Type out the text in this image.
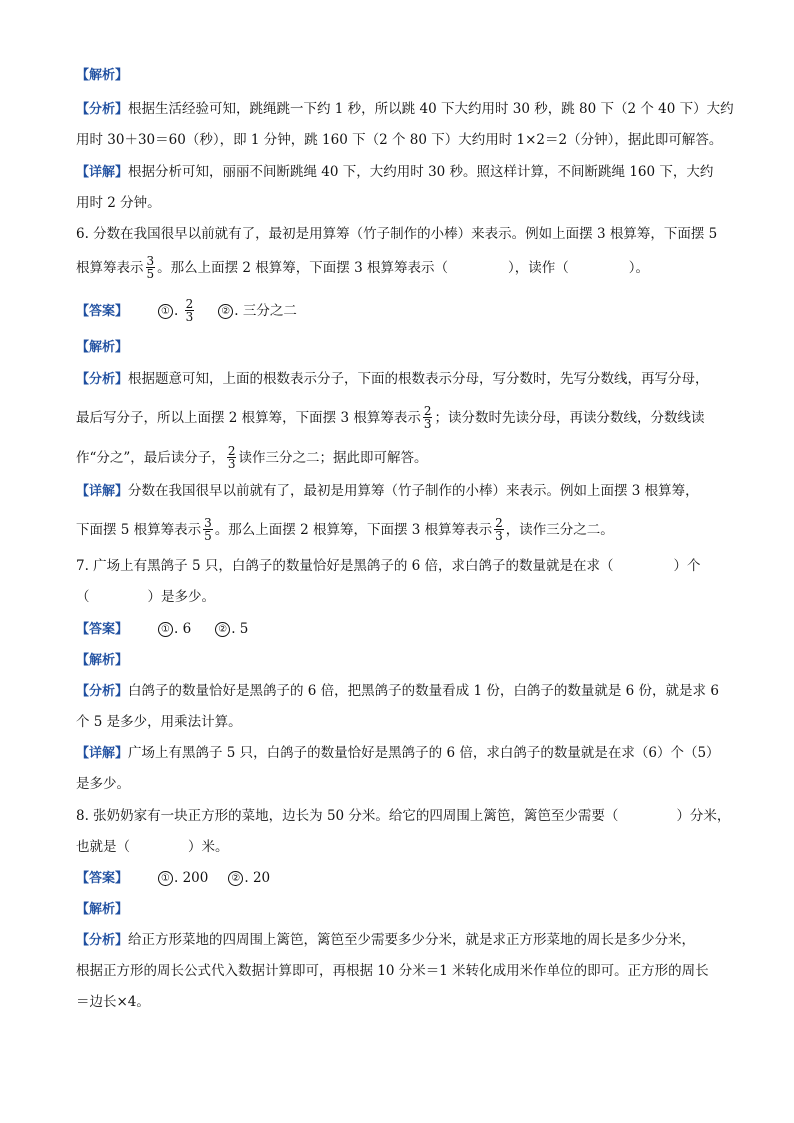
【解析】
【分析】根据生活经验可知，跳绳跳一下约 1 秒，所以跳 40 下大约用时 30 秒，跳 80 下（2 个 40 下）大约
用时 30＋30＝60（秒），即 1 分钟，跳 160 下（2 个 80 下）大约用时 1×2＝2（分钟），据此即可解答。
【详解】根据分析可知，丽丽不间断跳绳 40 下，大约用时 30 秒。照这样计算，不间断跳绳 160 下，大约
用时 2 分钟。
6. 分数在我国很早以前就有了，最初是用算筹（竹子制作的小棒）来表示。例如上面摆 3 根算筹，下面摆 5
根算筹表示 $\frac{3}{5}$ 。那么上面摆 2 根算筹，下面摆 3 根算筹表示（	），读作（	）。
【答案】	① . $\frac{2}{3}$	② . 三分之二
【解析】
【分析】根据题意可知，上面的根数表示分子，下面的根数表示分母，写分数时，先写分数线，再写分母，
最后写分子，所以上面摆 2 根算筹，下面摆 3 根算筹表示 $\frac{2}{3}$ ；读分数时先读分母，再读分数线，分数线读
作“分之”，最后读分子， $\frac{2}{3}$ 读作三分之二；据此即可解答。
【详解】分数在我国很早以前就有了，最初是用算筹（竹子制作的小棒）来表示。例如上面摆 3 根算筹，
下面摆 5 根算筹表示 $\frac{3}{5}$ 。那么上面摆 2 根算筹，下面摆 3 根算筹表示 $\frac{2}{3}$ ，读作三分之二。
7. 广场上有黑鸽子 5 只，白鸽子的数量恰好是黑鸽子的 6 倍，求白鸽子的数量就是在求（	）个
（	）是多少。
【答案】	① . 6	② . 5
【解析】
【分析】白鸽子的数量恰好是黑鸽子的 6 倍，把黑鸽子的数量看成 1 份，白鸽子的数量就是 6 份，就是求 6
个 5 是多少，用乘法计算。
【详解】广场上有黑鸽子 5 只，白鸽子的数量恰好是黑鸽子的 6 倍，求白鸽子的数量就是在求（6）个（5）
是多少。
8. 张奶奶家有一块正方形的菜地，边长为 50 分米。给它的四周围上篱笆，篱笆至少需要（	）分米，
也就是（	）米。
【答案】	① . 200 ② . 20
【解析】
【分析】给正方形菜地的四周围上篱笆，篱笆至少需要多少分米，就是求正方形菜地的周长是多少分米，
根据正方形的周长公式代入数据计算即可，再根据 10 分米＝1 米转化成用米作单位的即可。正方形的周长
＝边长×4。
